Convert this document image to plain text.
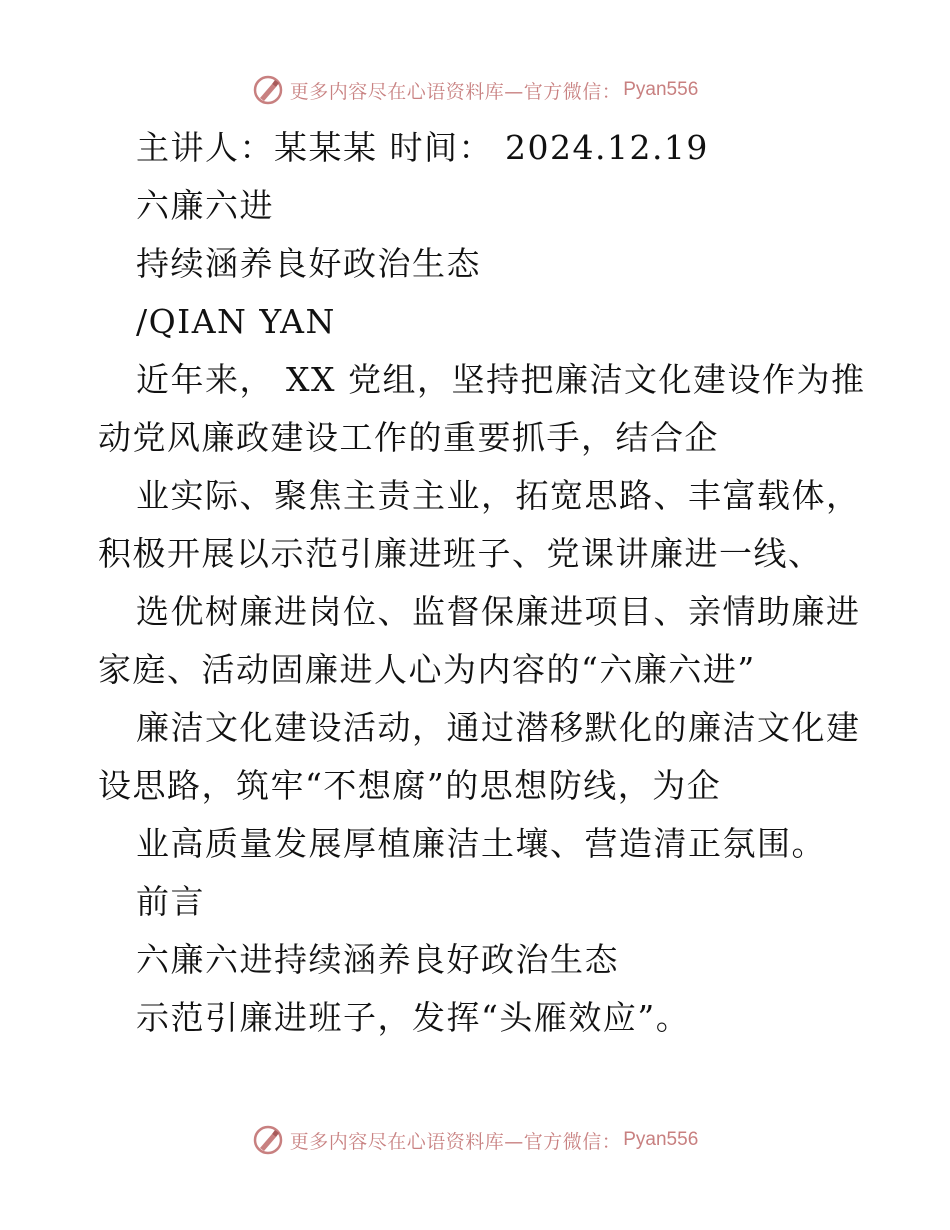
更多内容尽在心语资料库—官方微信： Pyan556
主讲人：某某某 时间： 2024.12.19
六廉六进
持续涵养良好政治生态
/QIAN YAN
近年来， XX 党组，坚持把廉洁文化建设作为推
动党风廉政建设工作的重要抓手，结合企
业实际、聚焦主责主业，拓宽思路、丰富载体，
积极开展以示范引廉进班子、党课讲廉进一线、
选优树廉进岗位、监督保廉进项目、亲情助廉进
家庭、活动固廉进人心为内容的“六廉六进”
廉洁文化建设活动，通过潜移默化的廉洁文化建
设思路，筑牢“不想腐”的思想防线，为企
业高质量发展厚植廉洁土壤、营造清正氛围。
前言
六廉六进持续涵养良好政治生态
示范引廉进班子，发挥“头雁效应”。
更多内容尽在心语资料库—官方微信： Pyan556
